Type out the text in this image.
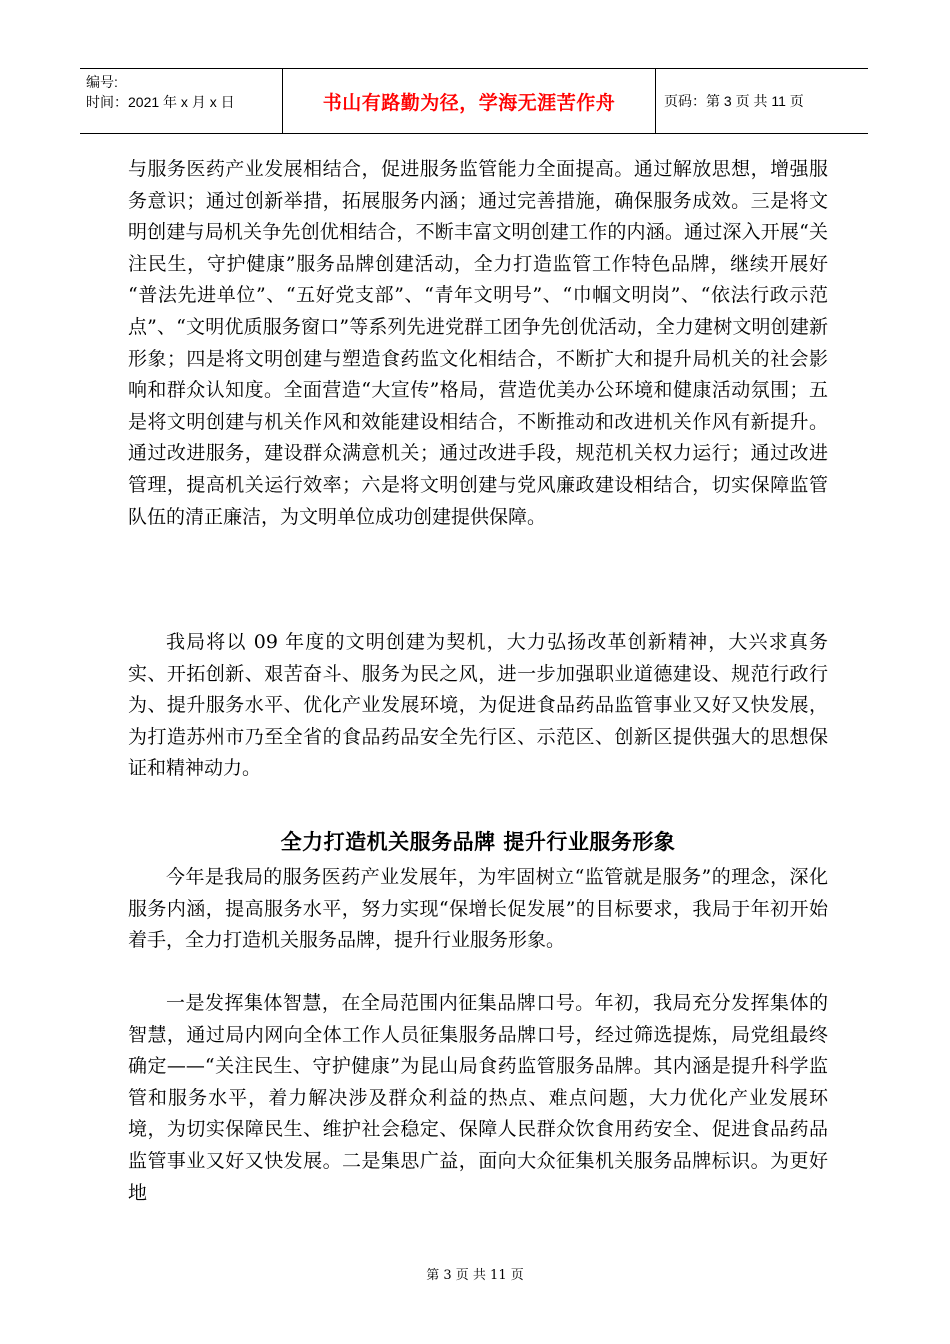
编号:
时间：2021 年 x 月 x 日	书山有路勤为径，学海无涯苦作舟	页码：第 3 页 共 11 页

与服务医药产业发展相结合，促进服务监管能力全面提高。通过解放思想，增强服务意识；通过创新举措，拓展服务内涵；通过完善措施，确保服务成效。三是将文明创建与局机关争先创优相结合，不断丰富文明创建工作的内涵。通过深入开展“关注民生，守护健康”服务品牌创建活动，全力打造监管工作特色品牌，继续开展好 “普法先进单位”、“五好党支部”、“青年文明号”、“巾帼文明岗”、“依法行政示范点”、“文明优质服务窗口”等系列先进党群工团争先创优活动，全力建树文明创建新形象；四是将文明创建与塑造食药监文化相结合，不断扩大和提升局机关的社会影响和群众认知度。全面营造“大宣传”格局，营造优美办公环境和健康活动氛围；五是将文明创建与机关作风和效能建设相结合，不断推动和改进机关作风有新提升。通过改进服务，建设群众满意机关；通过改进手段，规范机关权力运行；通过改进管理，提高机关运行效率；六是将文明创建与党风廉政建设相结合，切实保障监管队伍的清正廉洁，为文明单位成功创建提供保障。

我局将以 09 年度的文明创建为契机，大力弘扬改革创新精神，大兴求真务实、开拓创新、艰苦奋斗、服务为民之风，进一步加强职业道德建设、规范行政行为、提升服务水平、优化产业发展环境，为促进食品药品监管事业又好又快发展，为打造苏州市乃至全省的食品药品安全先行区、示范区、创新区提供强大的思想保证和精神动力。

全力打造机关服务品牌 提升行业服务形象

今年是我局的服务医药产业发展年，为牢固树立“监管就是服务”的理念，深化服务内涵，提高服务水平，努力实现“保增长促发展”的目标要求，我局于年初开始着手，全力打造机关服务品牌，提升行业服务形象。

一是发挥集体智慧，在全局范围内征集品牌口号。年初，我局充分发挥集体的智慧，通过局内网向全体工作人员征集服务品牌口号，经过筛选提炼，局党组最终确定——“关注民生、守护健康”为昆山局食药监管服务品牌。其内涵是提升科学监管和服务水平，着力解决涉及群众利益的热点、难点问题，大力优化产业发展环境，为切实保障民生、维护社会稳定、保障人民群众饮食用药安全、促进食品药品监管事业又好又快发展。二是集思广益，面向大众征集机关服务品牌标识。为更好地

第 3 页 共 11 页
